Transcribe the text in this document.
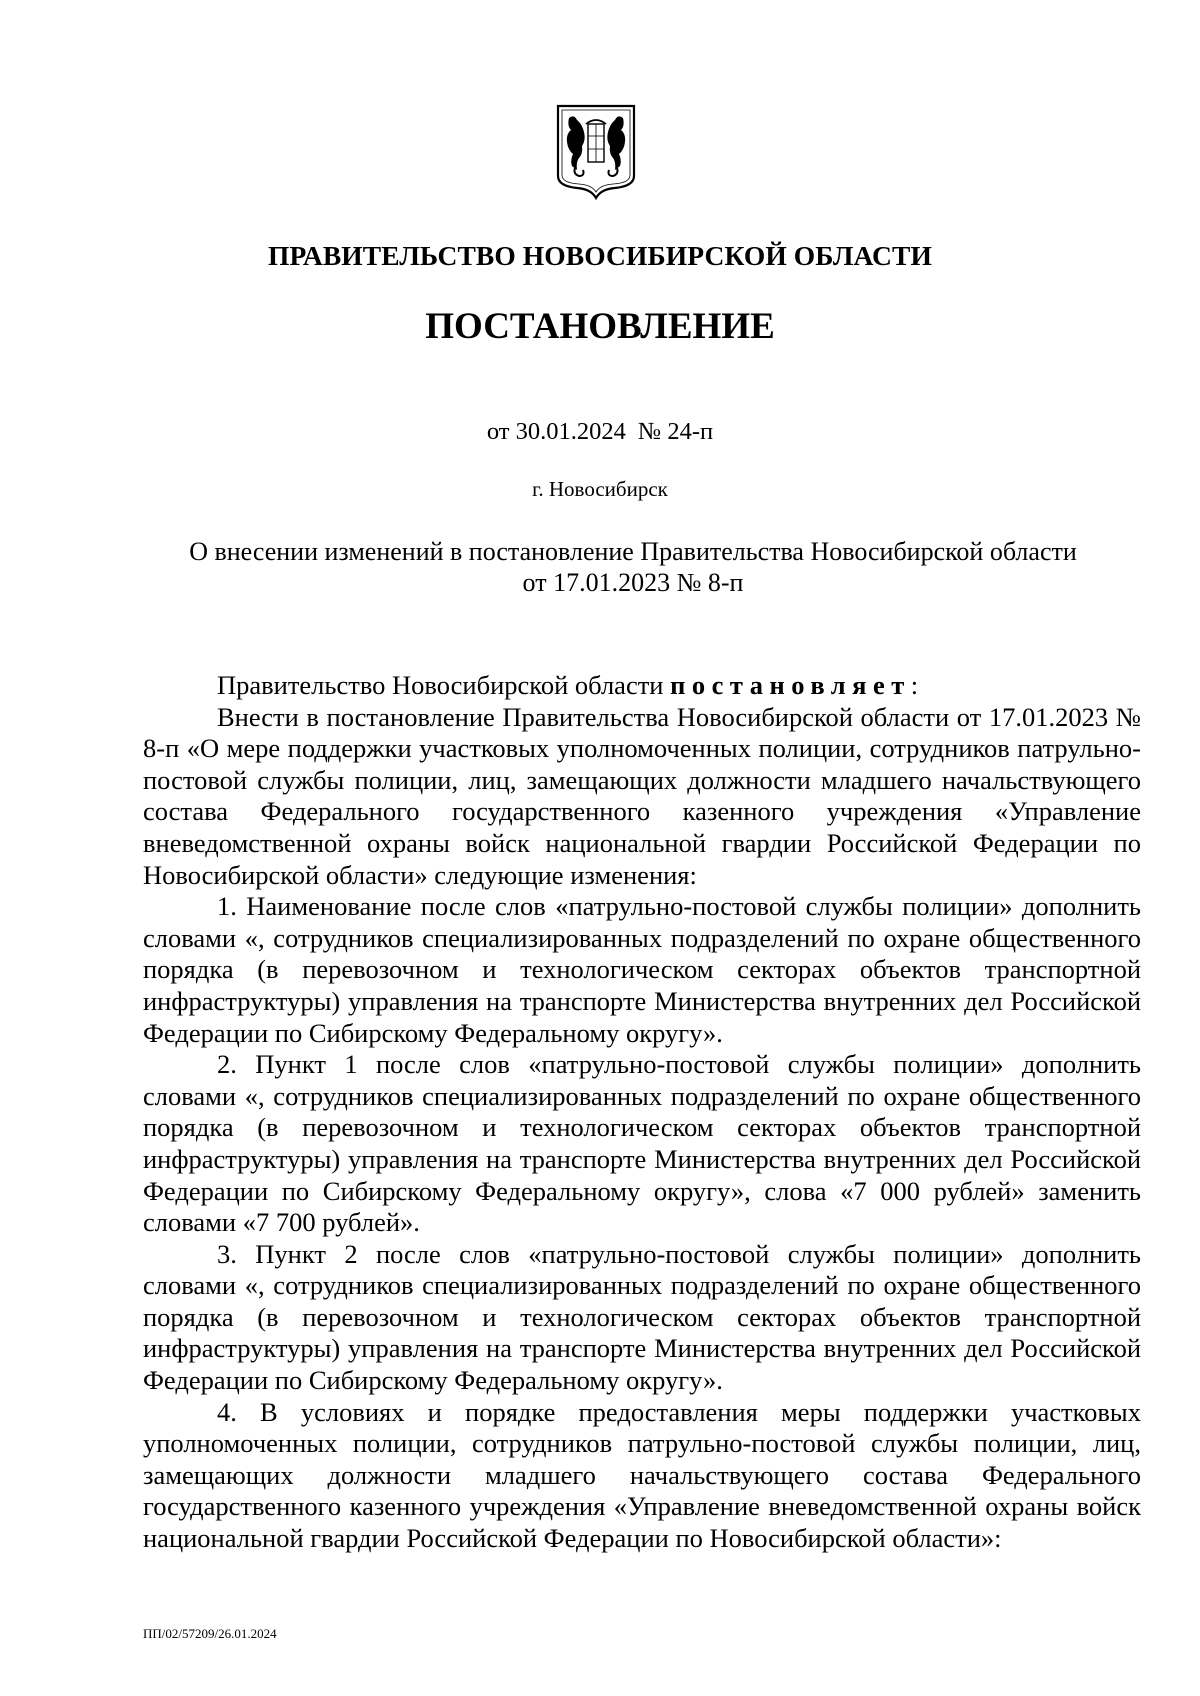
ПРАВИТЕЛЬСТВО НОВОСИБИРСКОЙ ОБЛАСТИ
ПОСТАНОВЛЕНИЕ
от 30.01.2024 № 24-п
г. Новосибирск
О внесении изменений в постановление Правительства Новосибирской области
от 17.01.2023 № 8-п

Правительство Новосибирской области постановляет:

Внести в постановление Правительства Новосибирской области от 17.01.2023 № 8-п «О мере поддержки участковых уполномоченных полиции, сотрудников патрульно-постовой службы полиции, лиц, замещающих должности младшего начальствующего состава Федерального государственного казенного учреждения «Управление вневедомственной охраны войск национальной гвардии Российской Федерации по Новосибирской области» следующие изменения:

1. Наименование после слов «патрульно-постовой службы полиции» дополнить словами «, сотрудников специализированных подразделений по охране общественного порядка (в перевозочном и технологическом секторах объектов транспортной инфраструктуры) управления на транспорте Министерства внутренних дел Российской Федерации по Сибирскому Федеральному округу».

2. Пункт 1 после слов «патрульно-постовой службы полиции» дополнить словами «, сотрудников специализированных подразделений по охране общественного порядка (в перевозочном и технологическом секторах объектов транспортной инфраструктуры) управления на транспорте Министерства внутренних дел Российской Федерации по Сибирскому Федеральному округу», слова «7 000 рублей» заменить словами «7 700 рублей».

3. Пункт 2 после слов «патрульно-постовой службы полиции» дополнить словами «, сотрудников специализированных подразделений по охране общественного порядка (в перевозочном и технологическом секторах объектов транспортной инфраструктуры) управления на транспорте Министерства внутренних дел Российской Федерации по Сибирскому Федеральному округу».

4. В условиях и порядке предоставления меры поддержки участковых уполномоченных полиции, сотрудников патрульно-постовой службы полиции, лиц, замещающих должности младшего начальствующего состава Федерального государственного казенного учреждения «Управление вневедомственной охраны войск национальной гвардии Российской Федерации по Новосибирской области»:

ПП/02/57209/26.01.2024
